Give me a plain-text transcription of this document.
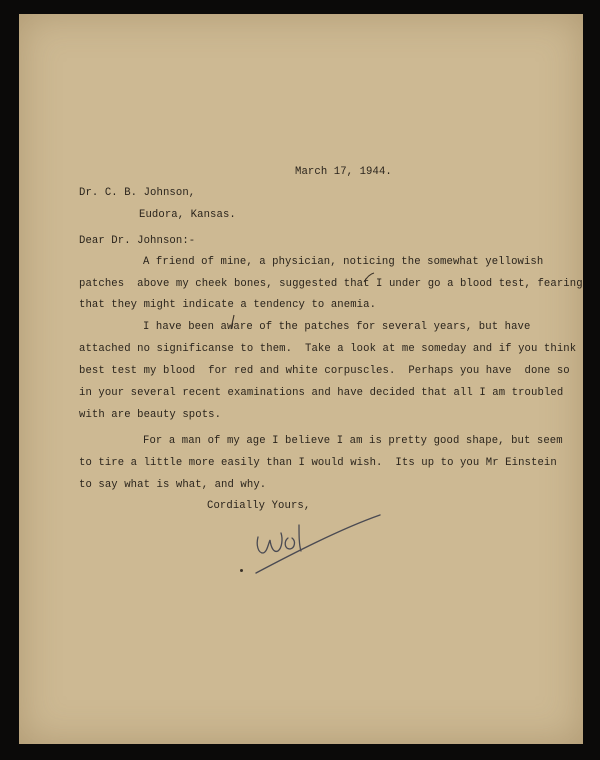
March 17, 1944.
Dr. C. B. Johnson,
Eudora, Kansas.
Dear Dr. Johnson:-
A friend of mine, a physician, noticing the somewhat yellowish
patches  above my cheek bones, suggested that I under go a blood test, fearing
that they might indicate a tendency to anemia.
I have been aware of the patches for several years, but have
attached no significanse to them.  Take a look at me someday and if you think
best test my blood  for red and white corpuscles.  Perhaps you have  done so
in your several recent examinations and have decided that all I am troubled
with are beauty spots.
For a man of my age I believe I am is pretty good shape, but seem
to tire a little more easily than I would wish.  Its up to you Mr Einstein
to say what is what, and why.
Cordially Yours,
